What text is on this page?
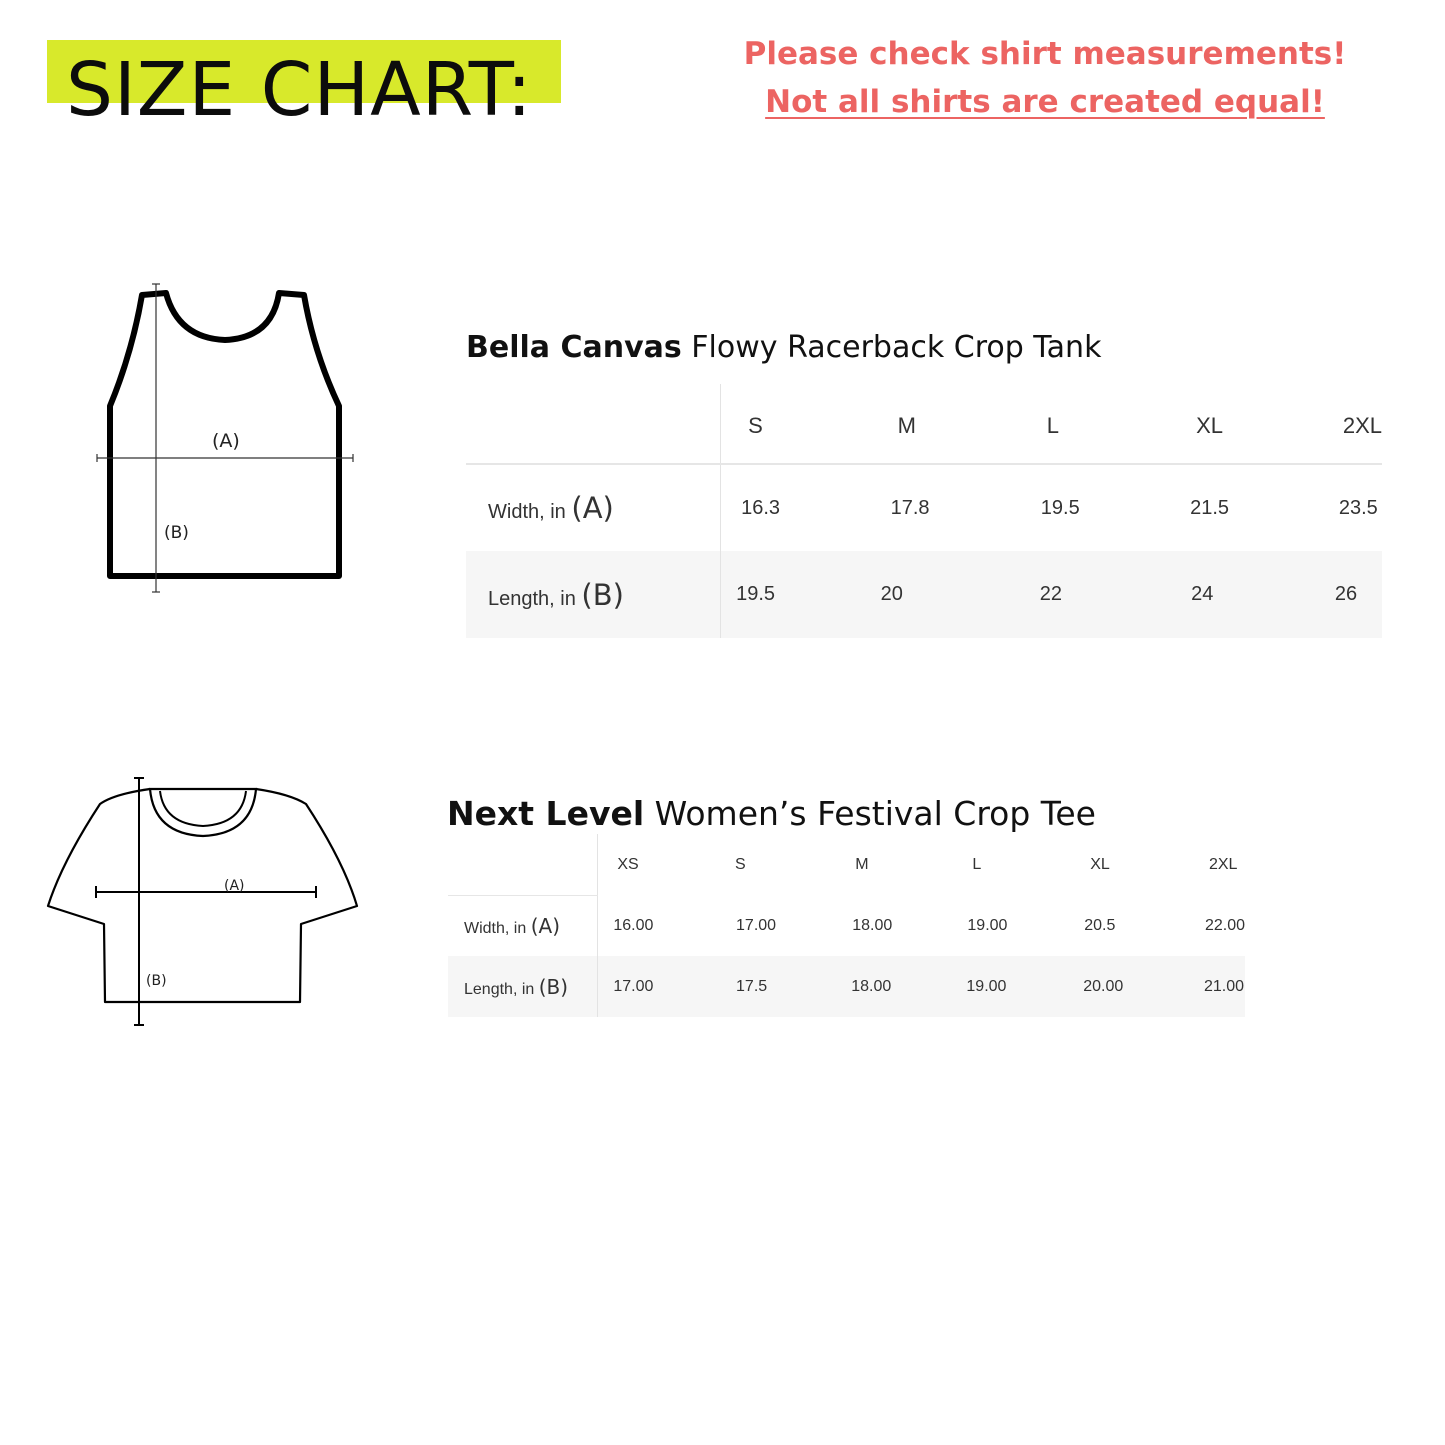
SIZE CHART:	Please check shirt measurements!
Not all shirts are created equal!
(A)
(B)
(A)
(B)
Bella Canvas Flowy Racerback Crop Tank
	S	M	L	XL	2XL
Width, in (A)	16.3	17.8	19.5	21.5	23.5
Length, in (B)	19.5	20	22	24	26
Next Level Women’s Festival Crop Tee
	XS	S	M	L	XL	2XL
Width, in (A)	16.00	17.00	18.00	19.00	20.5	22.00
Length, in (B)	17.00	17.5	18.00	19.00	20.00	21.00
